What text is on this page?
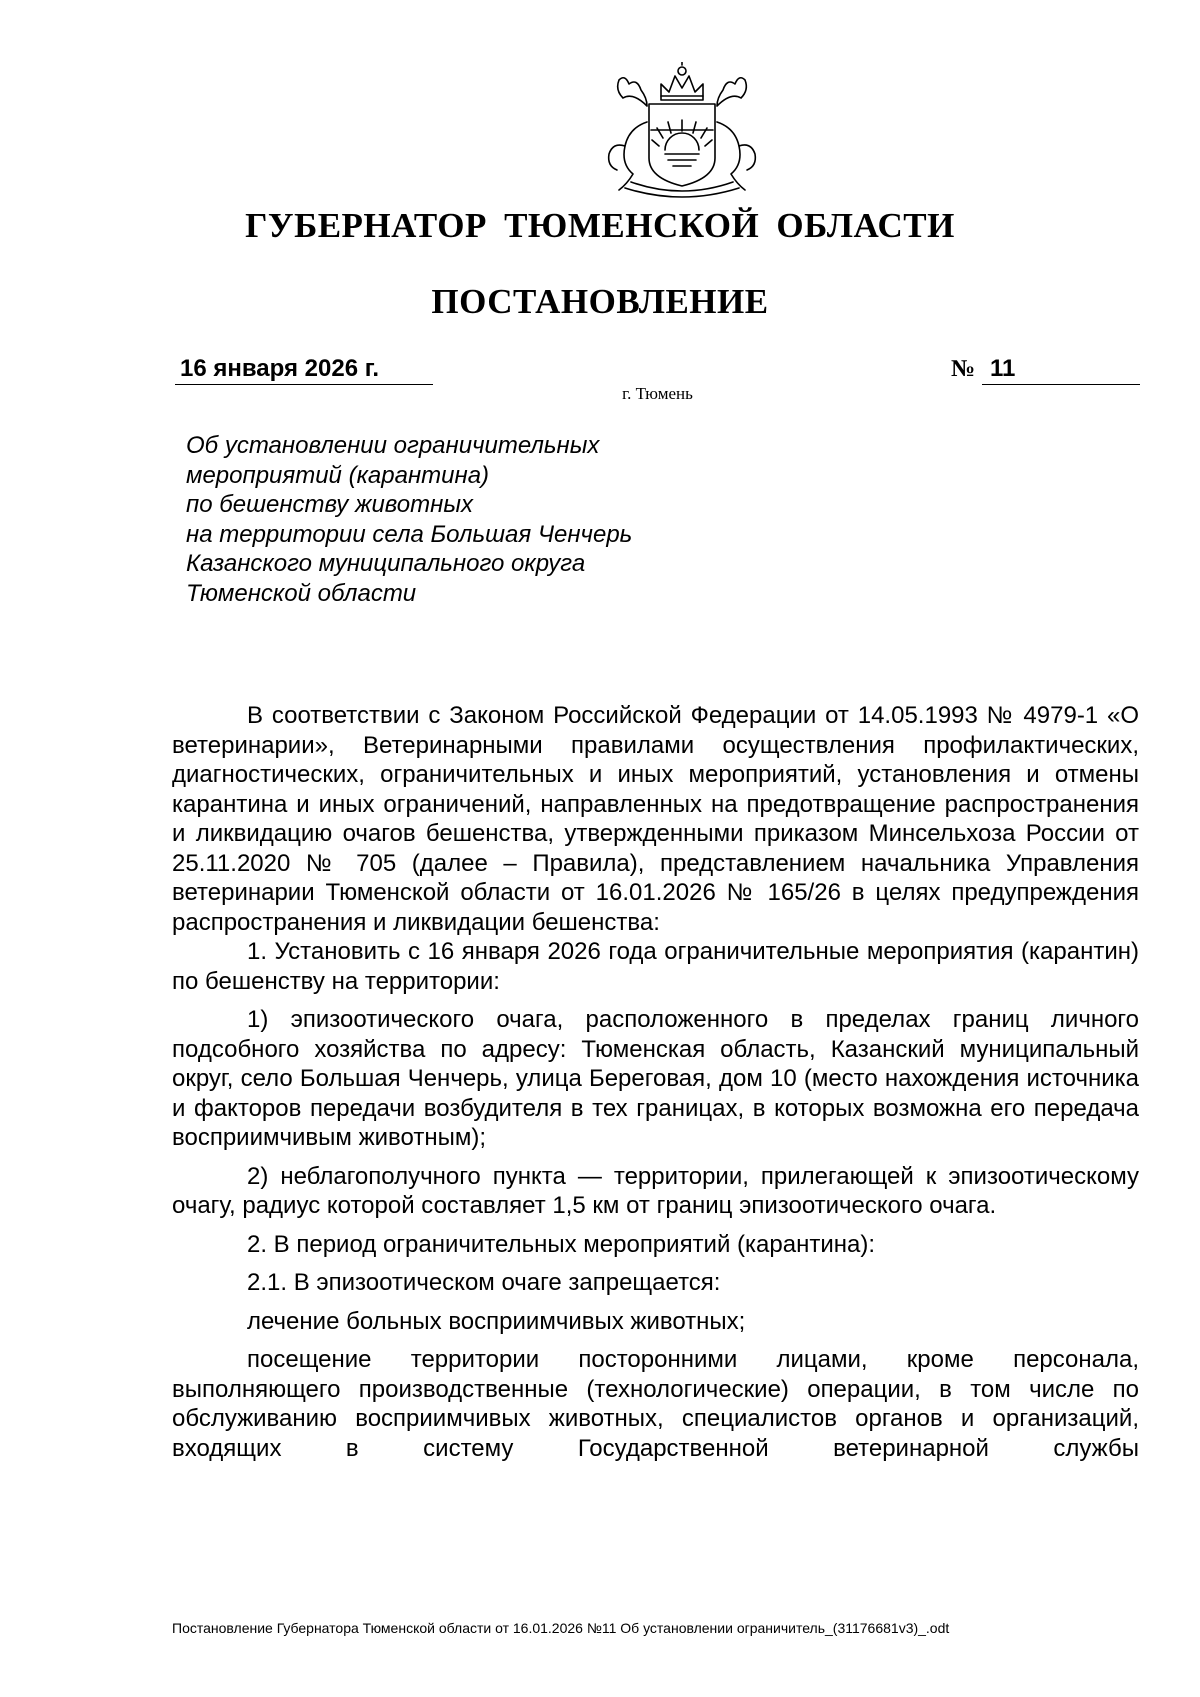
ГУБЕРНАТОР ТЮМЕНСКОЙ ОБЛАСТИ
ПОСТАНОВЛЕНИЕ
16 января 2026 г.	№ 11
г. Тюмень
Об установлении ограничительных
мероприятий (карантина)
по бешенству животных
на территории села Большая Ченчерь
Казанского муниципального округа
Тюменской области

В соответствии с Законом Российской Федерации от 14.05.1993 № 4979-1 «О ветеринарии», Ветеринарными правилами осуществления профилактических, диагностических, ограничительных и иных мероприятий, установления и отмены карантина и иных ограничений, направленных на предотвращение распространения и ликвидацию очагов бешенства, утвержденными приказом Минсельхоза России от 25.11.2020 № 705 (далее – Правила), представлением начальника Управления ветеринарии Тюменской области от 16.01.2026 № 165/26 в целях предупреждения распространения и ликвидации бешенства:

1. Установить с 16 января 2026 года ограничительные мероприятия (карантин) по бешенству на территории:

1) эпизоотического очага, расположенного в пределах границ личного подсобного хозяйства по адресу: Тюменская область, Казанский муниципальный округ, село Большая Ченчерь, улица Береговая, дом 10 (место нахождения источника и факторов передачи возбудителя в тех границах, в которых возможна его передача восприимчивым животным);

2) неблагополучного пункта — территории, прилегающей к эпизоотическому очагу, радиус которой составляет 1,5 км от границ эпизоотического очага.

2. В период ограничительных мероприятий (карантина):

2.1. В эпизоотическом очаге запрещается:

лечение больных восприимчивых животных;

посещение территории посторонними лицами, кроме персонала, выполняющего производственные (технологические) операции, в том числе по обслуживанию восприимчивых животных, специалистов органов и организаций, входящих в систему Государственной ветеринарной службы

Постановление Губернатора Тюменской области от 16.01.2026 №11 Об установлении ограничитель_(31176681v3)_.odt
